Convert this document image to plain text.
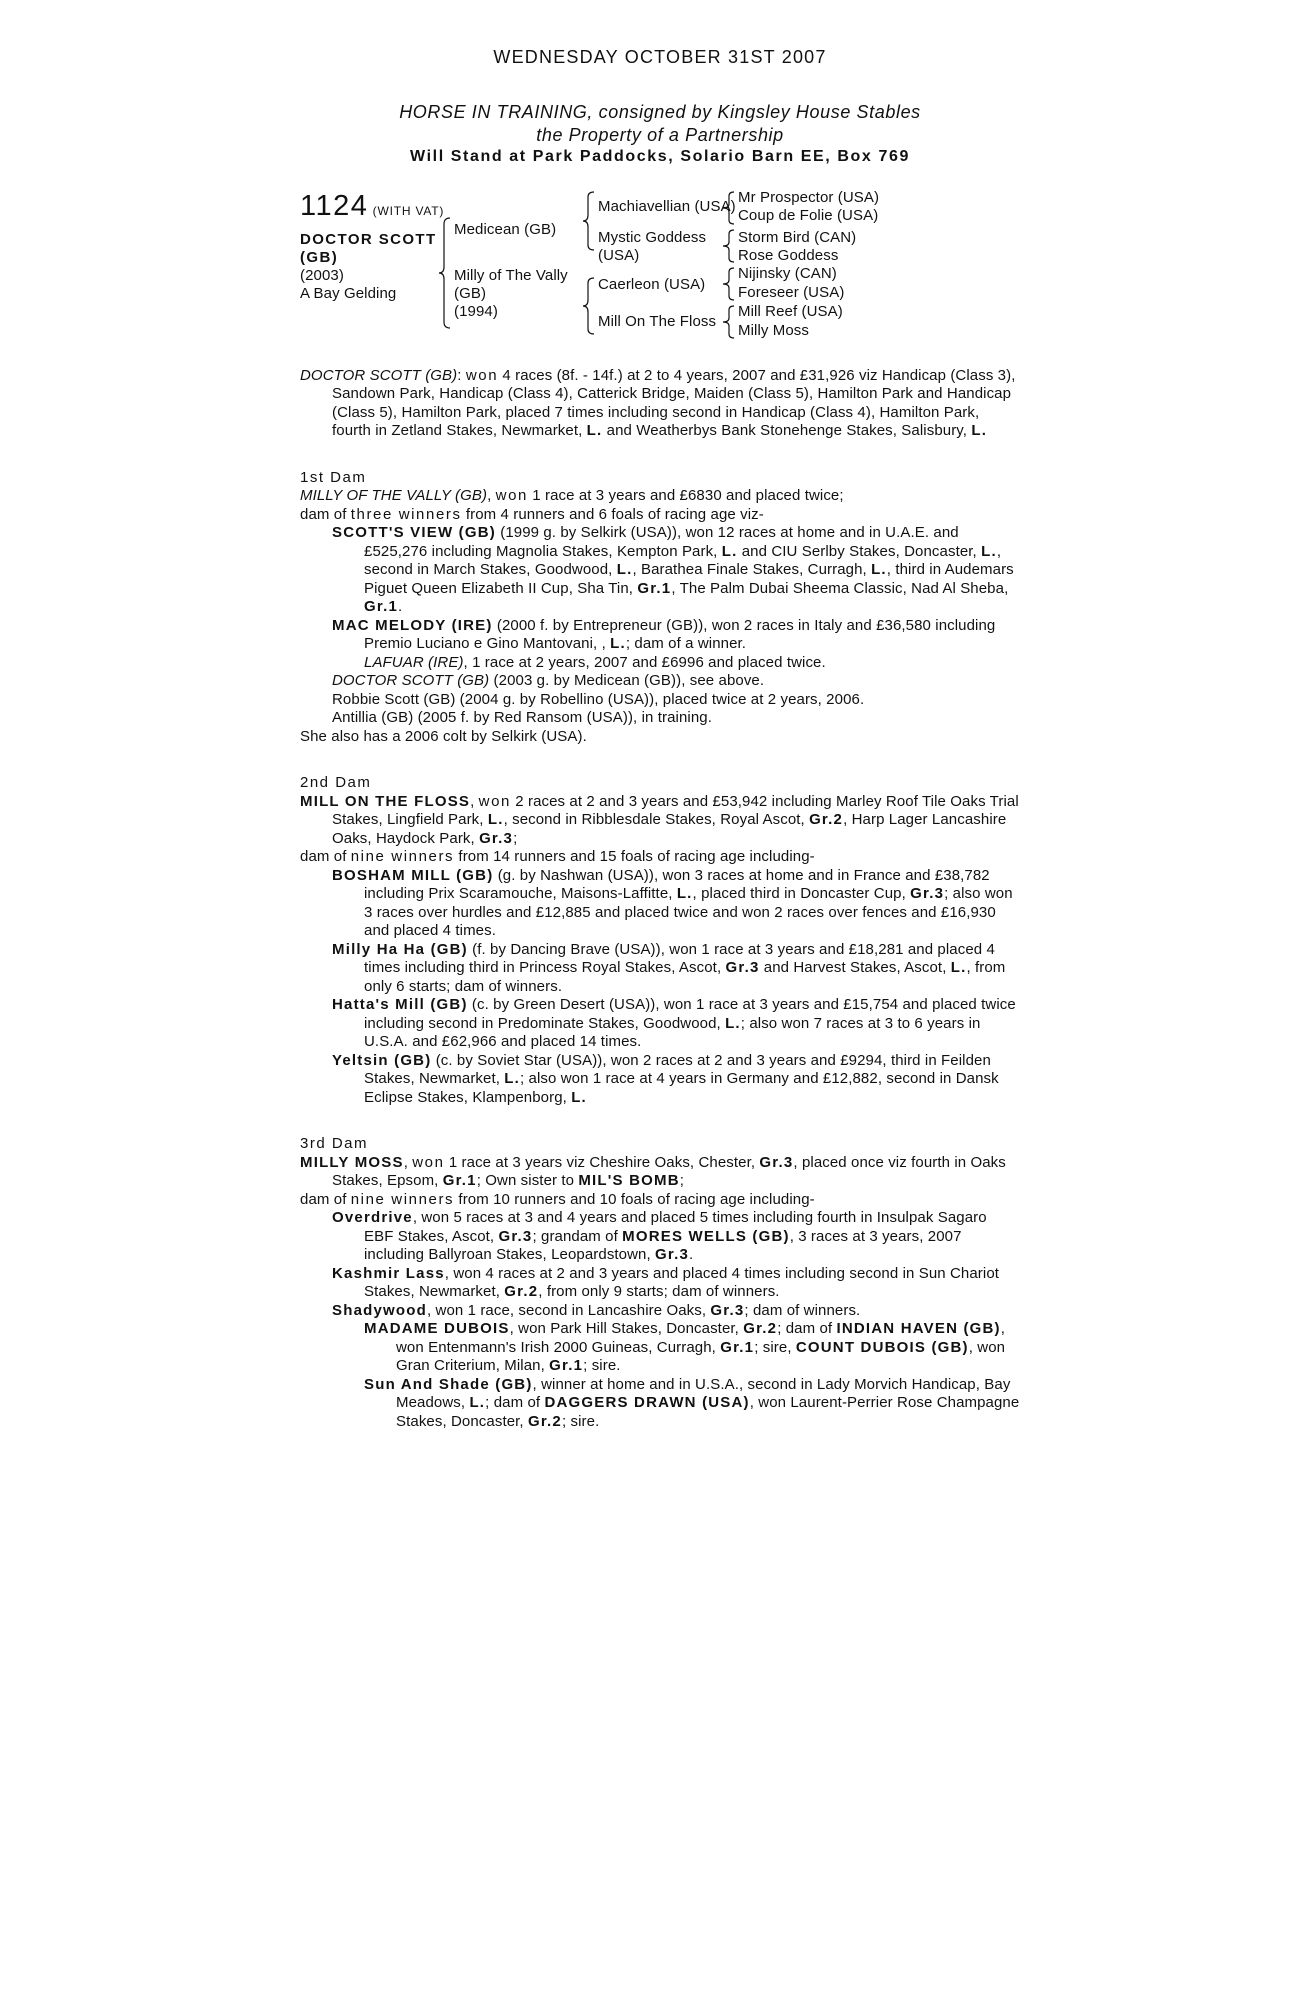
WEDNESDAY OCTOBER 31ST 2007
HORSE IN TRAINING, consigned by Kingsley House Stables
the Property of a Partnership
Will Stand at Park Paddocks, Solario Barn EE, Box 769
1124 (WITH VAT)
DOCTOR SCOTT
(GB)
(2003)
A Bay Gelding
Medicean (GB)
Milly of The Vally
(GB)
(1994)
Machiavellian (USA)
Mystic Goddess
(USA)
Caerleon (USA)
Mill On The Floss
Mr Prospector (USA)
Coup de Folie (USA)
Storm Bird (CAN)
Rose Goddess
Nijinsky (CAN)
Foreseer (USA)
Mill Reef (USA)
Milly Moss

DOCTOR SCOTT (GB): won 4 races (8f. - 14f.) at 2 to 4 years, 2007 and £31,926 viz Handicap (Class 3), Sandown Park, Handicap (Class 4), Catterick Bridge, Maiden (Class 5), Hamilton Park and Handicap (Class 5), Hamilton Park, placed 7 times including second in Handicap (Class 4), Hamilton Park, fourth in Zetland Stakes, Newmarket, L. and Weatherbys Bank Stonehenge Stakes, Salisbury, L.

1st Dam

MILLY OF THE VALLY (GB), won 1 race at 3 years and £6830 and placed twice;

dam of three winners from 4 runners and 6 foals of racing age viz-

SCOTT'S VIEW (GB) (1999 g. by Selkirk (USA)), won 12 races at home and in U.A.E. and £525,276 including Magnolia Stakes, Kempton Park, L. and CIU Serlby Stakes, Doncaster, L., second in March Stakes, Goodwood, L., Barathea Finale Stakes, Curragh, L., third in Audemars Piguet Queen Elizabeth II Cup, Sha Tin, Gr.1, The Palm Dubai Sheema Classic, Nad Al Sheba, Gr.1.

MAC MELODY (IRE) (2000 f. by Entrepreneur (GB)), won 2 races in Italy and £36,580 including Premio Luciano e Gino Mantovani, , L.; dam of a winner.

LAFUAR (IRE), 1 race at 2 years, 2007 and £6996 and placed twice.

DOCTOR SCOTT (GB) (2003 g. by Medicean (GB)), see above.

Robbie Scott (GB) (2004 g. by Robellino (USA)), placed twice at 2 years, 2006.

Antillia (GB) (2005 f. by Red Ransom (USA)), in training.

She also has a 2006 colt by Selkirk (USA).

2nd Dam

MILL ON THE FLOSS, won 2 races at 2 and 3 years and £53,942 including Marley Roof Tile Oaks Trial Stakes, Lingfield Park, L., second in Ribblesdale Stakes, Royal Ascot, Gr.2, Harp Lager Lancashire Oaks, Haydock Park, Gr.3;

dam of nine winners from 14 runners and 15 foals of racing age including-

BOSHAM MILL (GB) (g. by Nashwan (USA)), won 3 races at home and in France and £38,782 including Prix Scaramouche, Maisons-Laffitte, L., placed third in Doncaster Cup, Gr.3; also won 3 races over hurdles and £12,885 and placed twice and won 2 races over fences and £16,930 and placed 4 times.

Milly Ha Ha (GB) (f. by Dancing Brave (USA)), won 1 race at 3 years and £18,281 and placed 4 times including third in Princess Royal Stakes, Ascot, Gr.3 and Harvest Stakes, Ascot, L., from only 6 starts; dam of winners.

Hatta's Mill (GB) (c. by Green Desert (USA)), won 1 race at 3 years and £15,754 and placed twice including second in Predominate Stakes, Goodwood, L.; also won 7 races at 3 to 6 years in U.S.A. and £62,966 and placed 14 times.

Yeltsin (GB) (c. by Soviet Star (USA)), won 2 races at 2 and 3 years and £9294, third in Feilden Stakes, Newmarket, L.; also won 1 race at 4 years in Germany and £12,882, second in Dansk Eclipse Stakes, Klampenborg, L.

3rd Dam

MILLY MOSS, won 1 race at 3 years viz Cheshire Oaks, Chester, Gr.3, placed once viz fourth in Oaks Stakes, Epsom, Gr.1; Own sister to MIL'S BOMB;

dam of nine winners from 10 runners and 10 foals of racing age including-

Overdrive, won 5 races at 3 and 4 years and placed 5 times including fourth in Insulpak Sagaro EBF Stakes, Ascot, Gr.3; grandam of MORES WELLS (GB), 3 races at 3 years, 2007 including Ballyroan Stakes, Leopardstown, Gr.3.

Kashmir Lass, won 4 races at 2 and 3 years and placed 4 times including second in Sun Chariot Stakes, Newmarket, Gr.2, from only 9 starts; dam of winners.

Shadywood, won 1 race, second in Lancashire Oaks, Gr.3; dam of winners.

MADAME DUBOIS, won Park Hill Stakes, Doncaster, Gr.2; dam of INDIAN HAVEN (GB), won Entenmann's Irish 2000 Guineas, Curragh, Gr.1; sire, COUNT DUBOIS (GB), won Gran Criterium, Milan, Gr.1; sire.

Sun And Shade (GB), winner at home and in U.S.A., second in Lady Morvich Handicap, Bay Meadows, L.; dam of DAGGERS DRAWN (USA), won Laurent-Perrier Rose Champagne Stakes, Doncaster, Gr.2; sire.
